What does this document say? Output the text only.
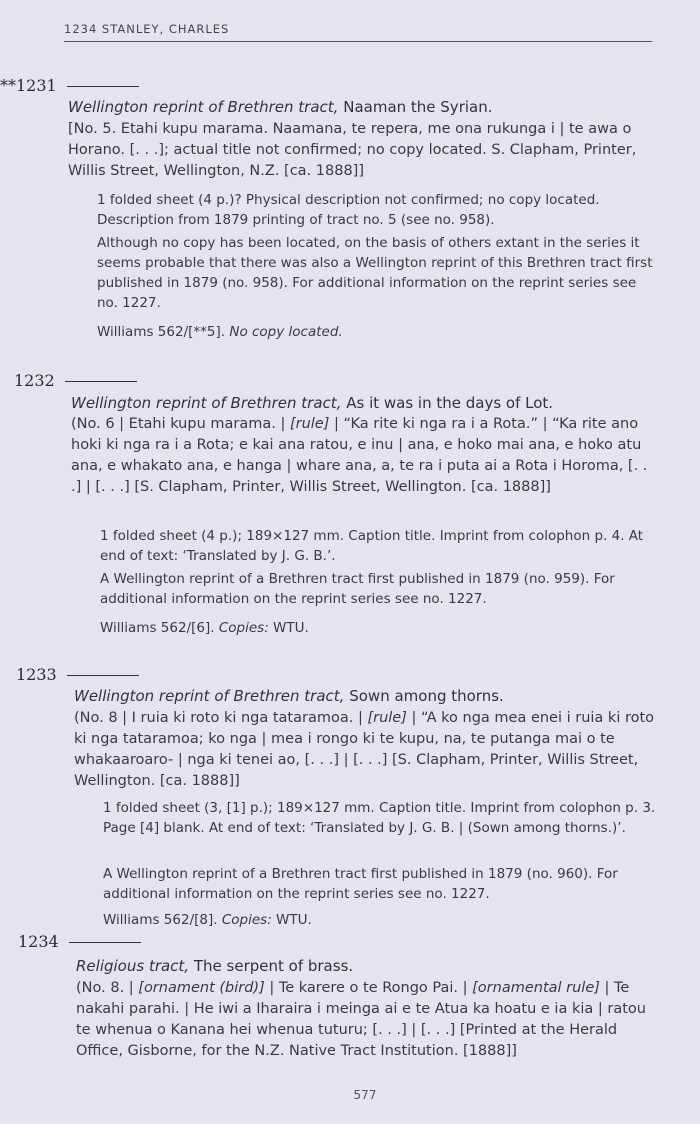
1234 STANLEY, CHARLES
**1231
Wellington reprint of Brethren tract, Naaman the Syrian.
[No. 5. Etahi kupu marama. Naamana, te repera, me ona rukunga i | te awa o Horano. [. . .]; actual title not confirmed; no copy located. S. Clapham, Printer, Willis Street, Wellington, N.Z. [ca. 1888]]
1 folded sheet (4 p.)? Physical description not confirmed; no copy located. Description from 1879 printing of tract no. 5 (see no. 958).
Although no copy has been located, on the basis of others extant in the series it seems probable that there was also a Wellington reprint of this Brethren tract first published in 1879 (no. 958). For additional information on the reprint series see no. 1227.
Williams 562/[**5]. No copy located.
1232
Wellington reprint of Brethren tract, As it was in the days of Lot.
(No. 6 | Etahi kupu marama. | [rule] | “Ka rite ki nga ra i a Rota.” | “Ka rite ano hoki ki nga ra i a Rota; e kai ana ratou, e inu | ana, e hoko mai ana, e hoko atu ana, e whakato ana, e hanga | whare ana, a, te ra i puta ai a Rota i Horoma, [. . .] | [. . .] [S. Clapham, Printer, Willis Street, Wellington. [ca. 1888]]
1 folded sheet (4 p.); 189×127 mm. Caption title. Imprint from colophon p. 4. At end of text: ‘Translated by J. G. B.’.
A Wellington reprint of a Brethren tract first published in 1879 (no. 959). For additional information on the reprint series see no. 1227.
Williams 562/[6]. Copies: WTU.
1233
Wellington reprint of Brethren tract, Sown among thorns.
(No. 8 | I ruia ki roto ki nga tataramoa. | [rule] | “A ko nga mea enei i ruia ki roto ki nga tataramoa; ko nga | mea i rongo ki te kupu, na, te putanga mai o te whakaaroaro- | nga ki tenei ao, [. . .] | [. . .] [S. Clapham, Printer, Willis Street, Wellington. [ca. 1888]]
1 folded sheet (3, [1] p.); 189×127 mm. Caption title. Imprint from colophon p. 3. Page [4] blank. At end of text: ‘Translated by J. G. B. | (Sown among thorns.)’.
A Wellington reprint of a Brethren tract first published in 1879 (no. 960). For additional information on the reprint series see no. 1227.
Williams 562/[8]. Copies: WTU.
1234
Religious tract, The serpent of brass.
(No. 8. | [ornament (bird)] | Te karere o te Rongo Pai. | [ornamental rule] | Te nakahi parahi. | He iwi a Iharaira i meinga ai e te Atua ka hoatu e ia kia | ratou te whenua o Kanana hei whenua tuturu; [. . .] | [. . .] [Printed at the Herald Office, Gisborne, for the N.Z. Native Tract Institution. [1888]]
577
